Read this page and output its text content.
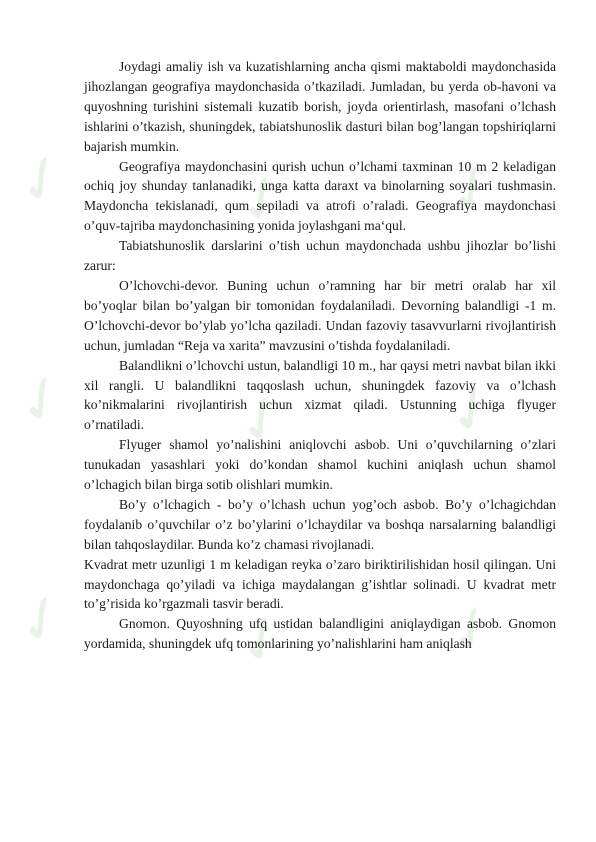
✓
✓
✓
✓
✓
✓
✓
✓
✓

Joydagi amaliy ish va kuzatishlarning ancha qismi maktaboldi maydonchasida jihozlangan geografiya maydonchasida o’tkaziladi. Jumladan, bu yerda ob-havoni va quyoshning turishini sistemali kuzatib borish, joyda orientirlash, masofani o’lchash ishlarini o’tkazish, shuningdek, tabiatshunoslik dasturi bilan bog’langan topshiriqlarni bajarish mumkin.

Geografiya maydonchasini qurish uchun o’lchami taxminan 10 m 2 keladigan ochiq joy shunday tanlanadiki, unga katta daraxt va binolarning soyalari tushmasin. Maydoncha tekislanadi, qum sepiladi va atrofi o’raladi. Geografiya maydonchasi o’quv-tajriba maydonchasining yonida joylashgani ma‘qul.

Tabiatshunoslik darslarini o’tish uchun maydonchada ushbu jihozlar bo’lishi zarur:

O’lchovchi-devor. Buning uchun o’ramning har bir metri oralab har xil bo’yoqlar bilan bo’yalgan bir tomonidan foydalaniladi. Devorning balandligi -1 m. O’lchovchi-devor bo’ylab yo’lcha qaziladi. Undan fazoviy tasavvurlarni rivojlantirish uchun, jumladan “Reja va xarita” mavzusini o’tishda foydalaniladi.

Balandlikni o’lchovchi ustun, balandligi 10 m., har qaysi metri navbat bilan ikki xil rangli. U balandlikni taqqoslash uchun, shuningdek fazoviy va o’lchash ko’nikmalarini rivojlantirish uchun xizmat qiladi. Ustunning uchiga flyuger o’rnatiladi.

Flyuger shamol yo’nalishini aniqlovchi asbob. Uni o’quvchilarning o’zlari tunukadan yasashlari yoki do’kondan shamol kuchini aniqlash uchun shamol o’lchagich bilan birga sotib olishlari mumkin.

Bo’y o’lchagich - bo’y o’lchash uchun yog’och asbob. Bo’y o’lchagichdan foydalanib o’quvchilar o’z bo’ylarini o’lchaydilar va boshqa narsalarning balandligi bilan tahqoslaydilar. Bunda ko’z chamasi rivojlanadi.

Kvadrat metr uzunligi 1 m keladigan reyka o’zaro biriktirilishidan hosil qilingan. Uni maydonchaga qo’yiladi va ichiga maydalangan g’ishtlar solinadi. U kvadrat metr to’g’risida ko’rgazmali tasvir beradi.

Gnomon. Quyoshning ufq ustidan balandligini aniqlaydigan asbob. Gnomon yordamida, shuningdek ufq tomonlarining yo’nalishlarini ham aniqlash
